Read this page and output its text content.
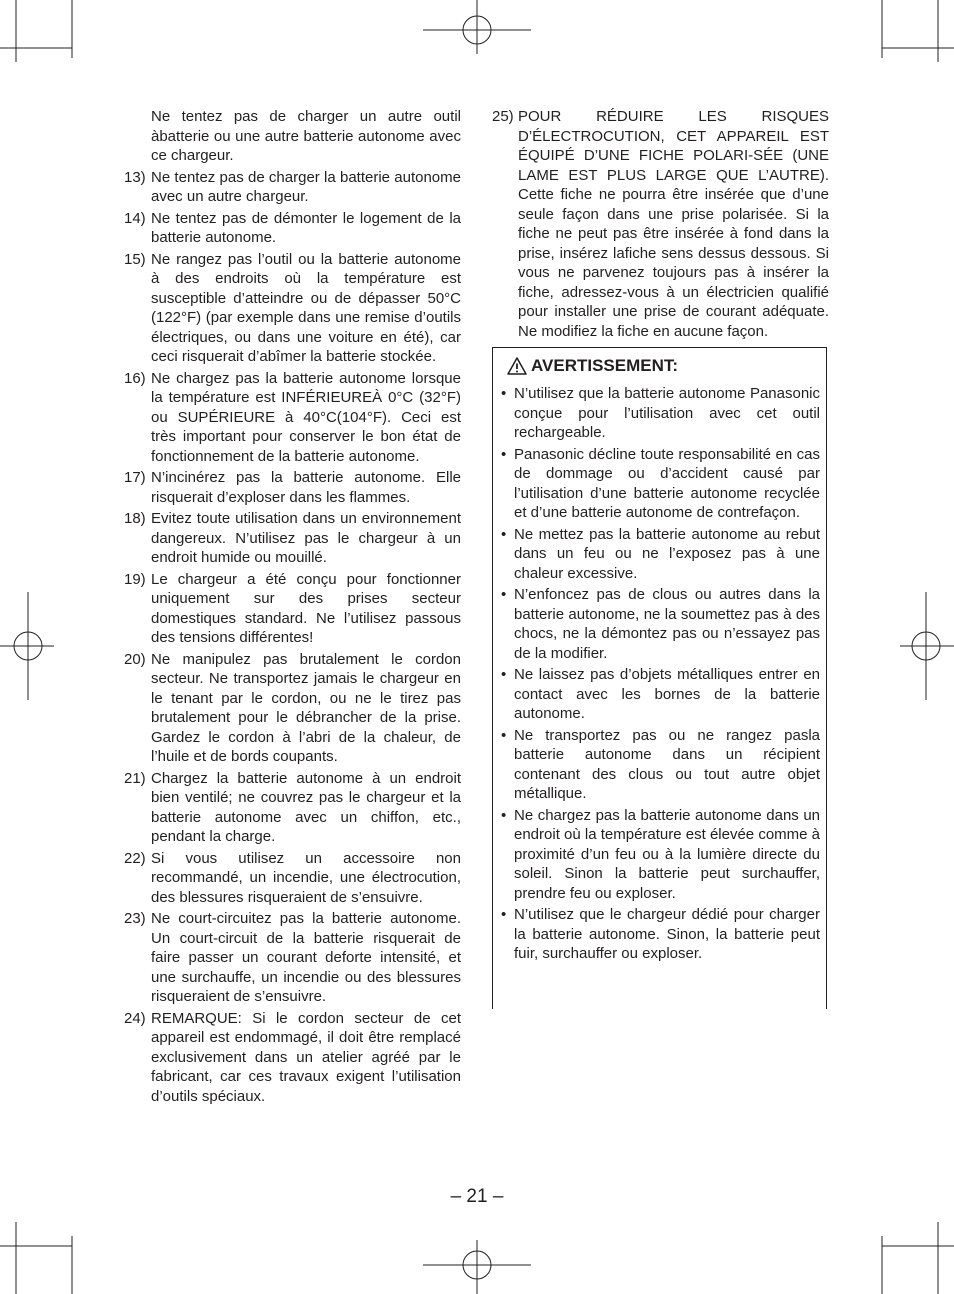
Ne tentez pas de charger un autre outil àbatterie ou une autre batterie autonome avec ce chargeur.
13) Ne tentez pas de charger la batterie autonome avec un autre chargeur.
14) Ne tentez pas de démonter le logement de la batterie autonome.
15) Ne rangez pas l’outil ou la batterie autonome à des endroits où la température est susceptible d’atteindre ou de dépasser 50°C (122°F) (par exemple dans une remise d’outils électriques, ou dans une voiture en été), car ceci risquerait d’abîmer la batterie stockée.
16) Ne chargez pas la batterie autonome lorsque la température est INFÉRIEUREÀ 0°C (32°F) ou SUPÉRIEURE à 40°C(104°F). Ceci est très important pour conserver le bon état de fonctionnement de la batterie autonome.
17) N’incinérez pas la batterie autonome. Elle risquerait d’exploser dans les flammes.
18) Evitez toute utilisation dans un environnement dangereux. N’utilisez pas le chargeur à un endroit humide ou mouillé.
19) Le chargeur a été conçu pour fonctionner uniquement sur des prises secteur domestiques standard. Ne l’utilisez passous des tensions différentes!
20) Ne manipulez pas brutalement le cordon secteur. Ne transportez jamais le chargeur en le tenant par le cordon, ou ne le tirez pas brutalement pour le débrancher de la prise. Gardez le cordon à l’abri de la chaleur, de l’huile et de bords coupants.
21) Chargez la batterie autonome à un endroit bien ventilé; ne couvrez pas le chargeur et la batterie autonome avec un chiffon, etc., pendant la charge.
22) Si vous utilisez un accessoire non recommandé, un incendie, une électrocution, des blessures risqueraient de s’ensuivre.
23) Ne court-circuitez pas la batterie autonome. Un court-circuit de la batterie risquerait de faire passer un courant deforte intensité, et une surchauffe, un incendie ou des blessures risqueraient de s’ensuivre.
24) REMARQUE: Si le cordon secteur de cet appareil est endommagé, il doit être remplacé exclusivement dans un atelier agréé par le fabricant, car ces travaux exigent l’utilisation d’outils spéciaux.
25) POUR RÉDUIRE LES RISQUES D’ÉLECTROCUTION, CET APPAREIL EST ÉQUIPÉ D’UNE FICHE POLARI-SÉE (UNE LAME EST PLUS LARGE QUE L’AUTRE). Cette fiche ne pourra être insérée que d’une seule façon dans une prise polarisée. Si la fiche ne peut pas être insérée à fond dans la prise, insérez lafiche sens dessus dessous. Si vous ne parvenez toujours pas à insérer la fiche, adressez-vous à un électricien qualifié pour installer une prise de courant adéquate. Ne modifiez la fiche en aucune façon.
AVERTISSEMENT:
• N’utilisez que la batterie autonome Panasonic conçue pour l’utilisation avec cet outil rechargeable.
• Panasonic décline toute responsabilité en cas de dommage ou d’accident causé par l’utilisation d’une batterie autonome recyclée et d’une batterie autonome de contrefaçon.
• Ne mettez pas la batterie autonome au rebut dans un feu ou ne l’exposez pas à une chaleur excessive.
• N’enfoncez pas de clous ou autres dans la batterie autonome, ne la soumettez pas à des chocs, ne la démontez pas ou n’essayez pas de la modifier.
• Ne laissez pas d’objets métalliques entrer en contact avec les bornes de la batterie autonome.
• Ne transportez pas ou ne rangez pasla batterie autonome dans un récipient contenant des clous ou tout autre objet métallique.
• Ne chargez pas la batterie autonome dans un endroit où la température est élevée comme à proximité d’un feu ou à la lumière directe du soleil. Sinon la batterie peut surchauffer, prendre feu ou exploser.
• N’utilisez que le chargeur dédié pour charger la batterie autonome. Sinon, la batterie peut fuir, surchauffer ou exploser.
– 21 –
